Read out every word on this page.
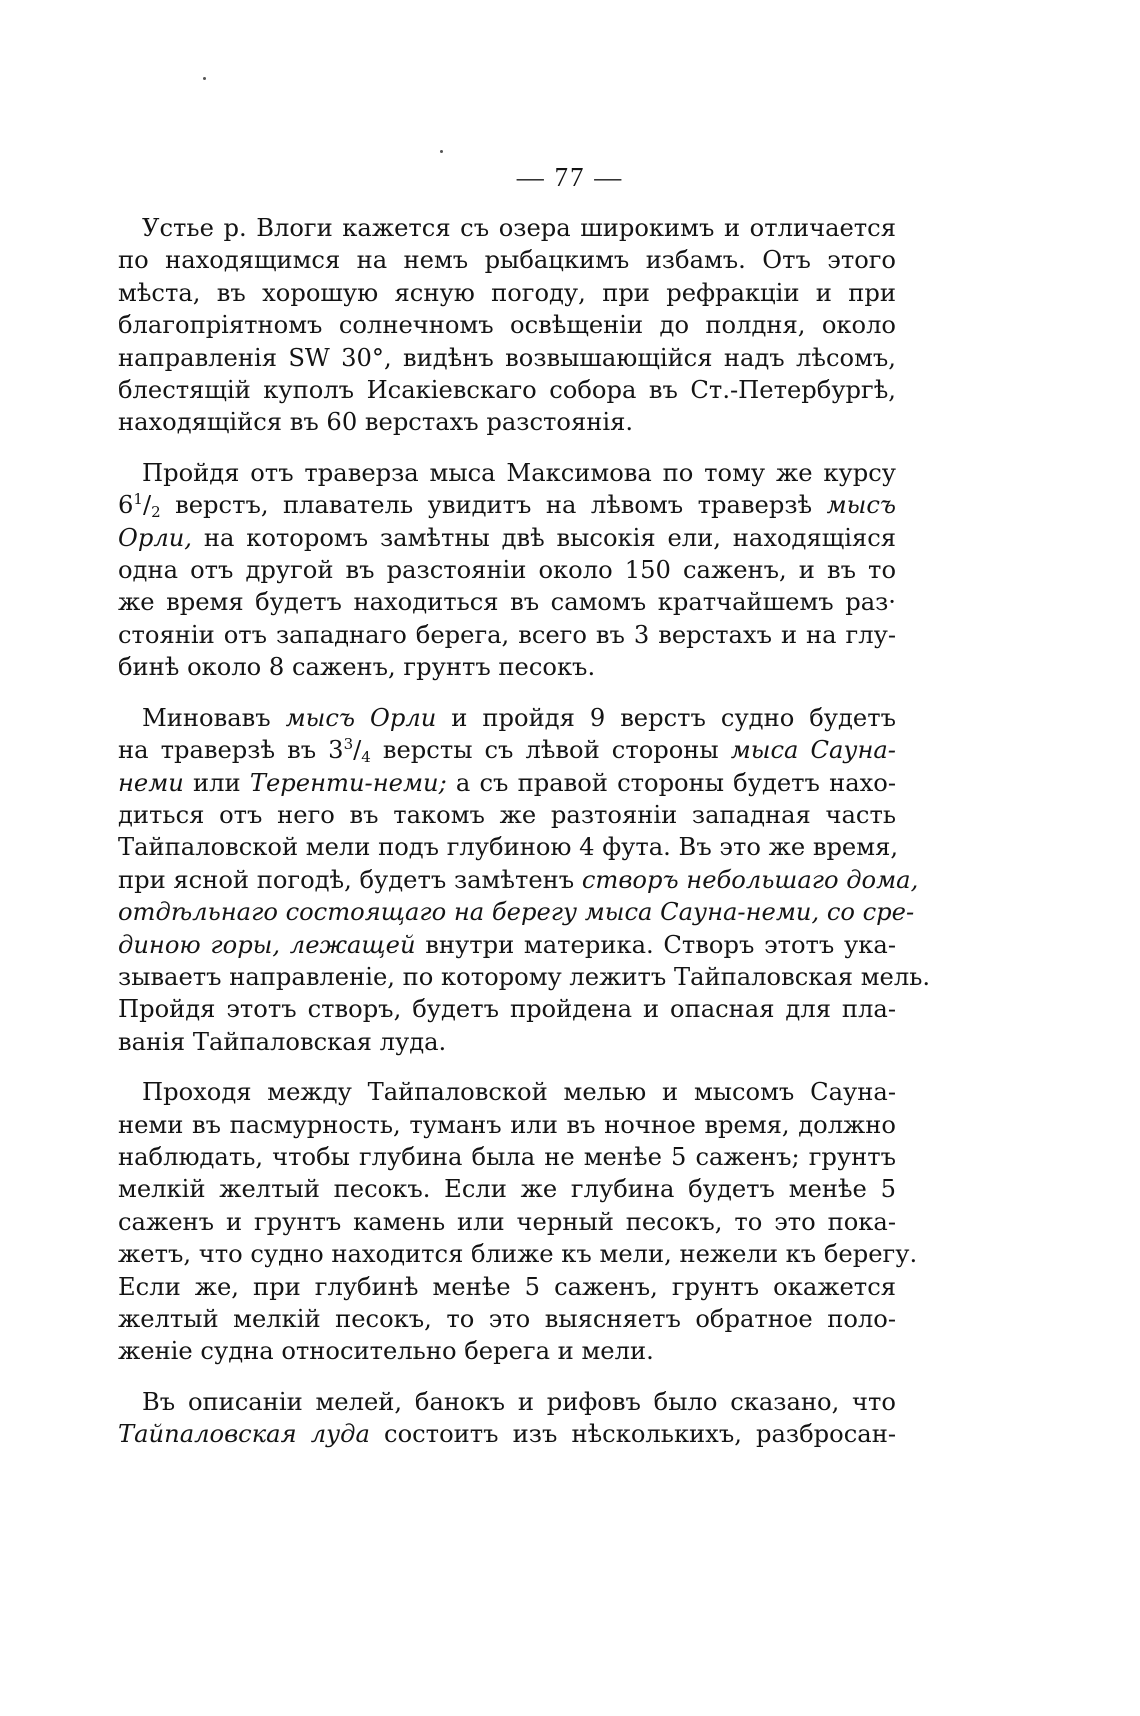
— 77 —

Устье р. Влоги кажется съ озера широкимъ и отличается
по находящимся на немъ рыбацкимъ избамъ. Отъ этого
мѣста, въ хорошую ясную погоду, при рефракціи и при
благопріятномъ солнечномъ освѣщеніи до полдня, около
направленія SW 30°, видѣнъ возвышающійся надъ лѣсомъ,
блестящій куполъ Исакіевскаго собора въ Ст.-Петербургѣ,
находящійся въ 60 верстахъ разстоянія.

Пройдя отъ траверза мыса Максимова по тому же курсу
$6^1/_2$ верстъ, плаватель увидитъ на лѣвомъ траверзѣ мысъ
Орли, на которомъ замѣтны двѣ высокія ели, находящіяся
одна отъ другой въ разстояніи около 150 саженъ, и въ то
же время будетъ находиться въ самомъ кратчайшемъ раз·
стояніи отъ западнаго берега, всего въ 3 верстахъ и на глу-
бинѣ около 8 саженъ, грунтъ песокъ.

Миновавъ мысъ Орли и пройдя 9 верстъ судно будетъ
на траверзѣ въ $3^3/_4$ версты съ лѣвой стороны мыса Сауна-
неми или Теренти-неми; а съ правой стороны будетъ нахо-
диться отъ него въ такомъ же разтояніи западная часть
Тайпаловской мели подъ глубиною 4 фута. Въ это же время,
при ясной погодѣ, будетъ замѣтенъ створъ небольшаго дома,
отдѣльнаго состоящаго на берегу мыса Сауна-неми, со сре-
диною горы, лежащей внутри материка. Створъ этотъ ука-
зываетъ направленіе, по которому лежитъ Тайпаловская мель.
Пройдя этотъ створъ, будетъ пройдена и опасная для пла-
ванія Тайпаловская луда.

Проходя между Тайпаловской мелью и мысомъ Сауна-
неми въ пасмурность, туманъ или въ ночное время, должно
наблюдать, чтобы глубина была не менѣе 5 саженъ; грунтъ
мелкій желтый песокъ. Если же глубина будетъ менѣе 5
саженъ и грунтъ камень или черный песокъ, то это пока-
жетъ, что судно находится ближе къ мели, нежели къ берегу.
Если же, при глубинѣ менѣе 5 саженъ, грунтъ окажется
желтый мелкій песокъ, то это выясняетъ обратное поло-
женіе судна относительно берега и мели.

Въ описаніи мелей, банокъ и рифовъ было сказано, что
Тайпаловская луда состоитъ изъ нѣсколькихъ, разбросан-
